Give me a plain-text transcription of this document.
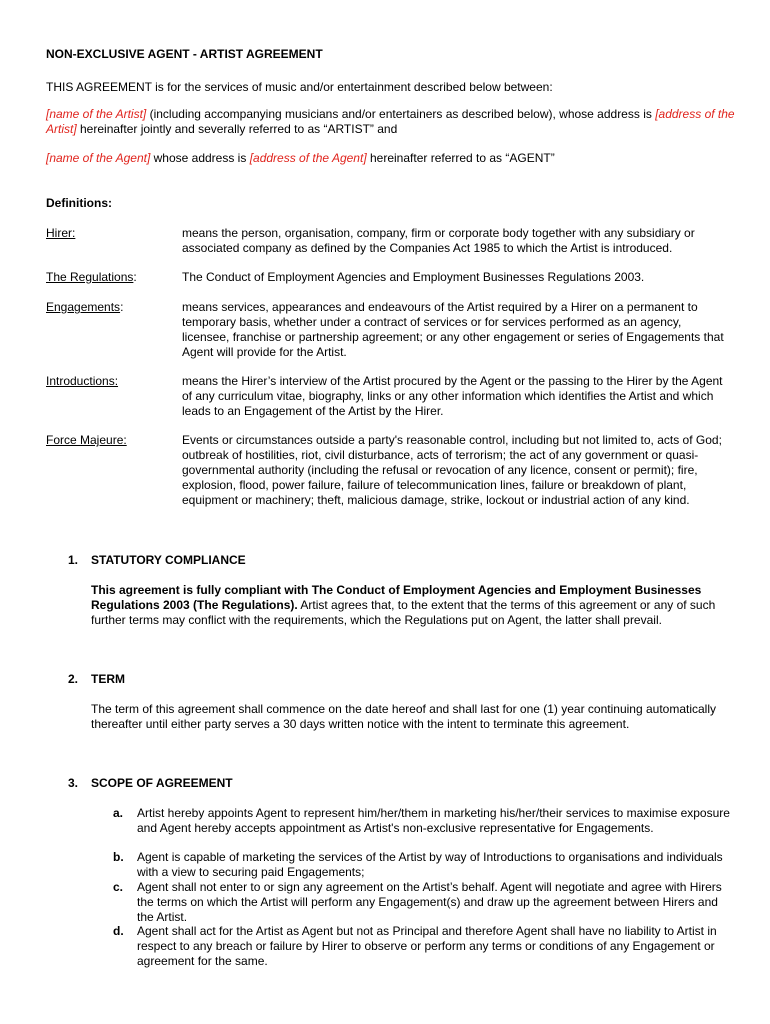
NON-EXCLUSIVE AGENT - ARTIST AGREEMENT
THIS AGREEMENT is for the services of music and/or entertainment described below between:
[name of the Artist] (including accompanying musicians and/or entertainers as described below), whose address is [address of the Artist] hereinafter jointly and severally referred to as “ARTIST” and
[name of the Agent] whose address is [address of the Agent] hereinafter referred to as “AGENT”
Definitions:
Hirer:	means the person, organisation, company, firm or corporate body together with any subsidiary or associated company as defined by the Companies Act 1985 to which the Artist is introduced.
The Regulations:	The Conduct of Employment Agencies and Employment Businesses Regulations 2003.
Engagements:	means services, appearances and endeavours of the Artist required by a Hirer on a permanent to temporary basis, whether under a contract of services or for services performed as an agency, licensee, franchise or partnership agreement; or any other engagement or series of Engagements that Agent will provide for the Artist.
Introductions:	means the Hirer’s interview of the Artist procured by the Agent or the passing to the Hirer by the Agent of any curriculum vitae, biography, links or any other information which identifies the Artist and which leads to an Engagement of the Artist by the Hirer.
Force Majeure:	Events or circumstances outside a party's reasonable control, including but not limited to, acts of God; outbreak of hostilities, riot, civil disturbance, acts of terrorism; the act of any government or quasi-governmental authority (including the refusal or revocation of any licence, consent or permit); fire, explosion, flood, power failure, failure of telecommunication lines, failure or breakdown of plant, equipment or machinery; theft, malicious damage, strike, lockout or industrial action of any kind.
1. STATUTORY COMPLIANCE
This agreement is fully compliant with The Conduct of Employment Agencies and Employment Businesses Regulations 2003 (The Regulations). Artist agrees that, to the extent that the terms of this agreement or any of such further terms may conflict with the requirements, which the Regulations put on Agent, the latter shall prevail.
2. TERM
The term of this agreement shall commence on the date hereof and shall last for one (1) year continuing automatically thereafter until either party serves a 30 days written notice with the intent to terminate this agreement.
3. SCOPE OF AGREEMENT
a. Artist hereby appoints Agent to represent him/her/them in marketing his/her/their services to maximise exposure and Agent hereby accepts appointment as Artist's non-exclusive representative for Engagements.
b. Agent is capable of marketing the services of the Artist by way of Introductions to organisations and individuals with a view to securing paid Engagements;
c. Agent shall not enter to or sign any agreement on the Artist’s behalf. Agent will negotiate and agree with Hirers the terms on which the Artist will perform any Engagement(s) and draw up the agreement between Hirers and the Artist.
d. Agent shall act for the Artist as Agent but not as Principal and therefore Agent shall have no liability to Artist in respect to any breach or failure by Hirer to observe or perform any terms or conditions of any Engagement or agreement for the same.
